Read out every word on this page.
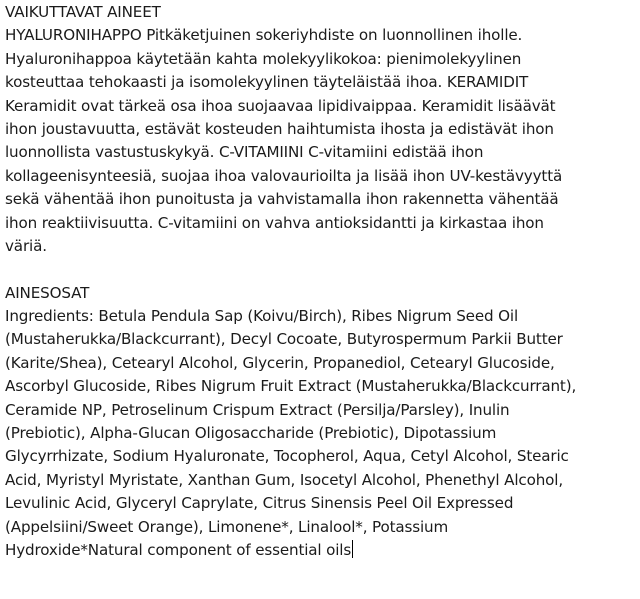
VAIKUTTAVAT AINEET
HYALURONIHAPPO Pitkäketjuinen sokeriyhdiste on luonnollinen iholle.
Hyaluronihappoa käytetään kahta molekyylikokoa: pienimolekyylinen
kosteuttaa tehokaasti ja isomolekyylinen täyteläistää ihoa. KERAMIDIT
Keramidit ovat tärkeä osa ihoa suojaavaa lipidivaippaa. Keramidit lisäävät
ihon joustavuutta, estävät kosteuden haihtumista ihosta ja edistävät ihon
luonnollista vastustuskykyä. C-VITAMIINI C-vitamiini edistää ihon
kollageenisynteesiä, suojaa ihoa valovaurioilta ja lisää ihon UV-kestävyyttä
sekä vähentää ihon punoitusta ja vahvistamalla ihon rakennetta vähentää
ihon reaktiivisuutta. C-vitamiini on vahva antioksidantti ja kirkastaa ihon
väriä.
AINESOSAT
Ingredients: Betula Pendula Sap (Koivu/Birch), Ribes Nigrum Seed Oil
(Mustaherukka/Blackcurrant), Decyl Cocoate, Butyrospermum Parkii Butter
(Karite/Shea), Cetearyl Alcohol, Glycerin, Propanediol, Cetearyl Glucoside,
Ascorbyl Glucoside, Ribes Nigrum Fruit Extract (Mustaherukka/Blackcurrant),
Ceramide NP, Petroselinum Crispum Extract (Persilja/Parsley), Inulin
(Prebiotic), Alpha-Glucan Oligosaccharide (Prebiotic), Dipotassium
Glycyrrhizate, Sodium Hyaluronate, Tocopherol, Aqua, Cetyl Alcohol, Stearic
Acid, Myristyl Myristate, Xanthan Gum, Isocetyl Alcohol, Phenethyl Alcohol,
Levulinic Acid, Glyceryl Caprylate, Citrus Sinensis Peel Oil Expressed
(Appelsiini/Sweet Orange), Limonene*, Linalool*, Potassium
Hydroxide*Natural component of essential oils
